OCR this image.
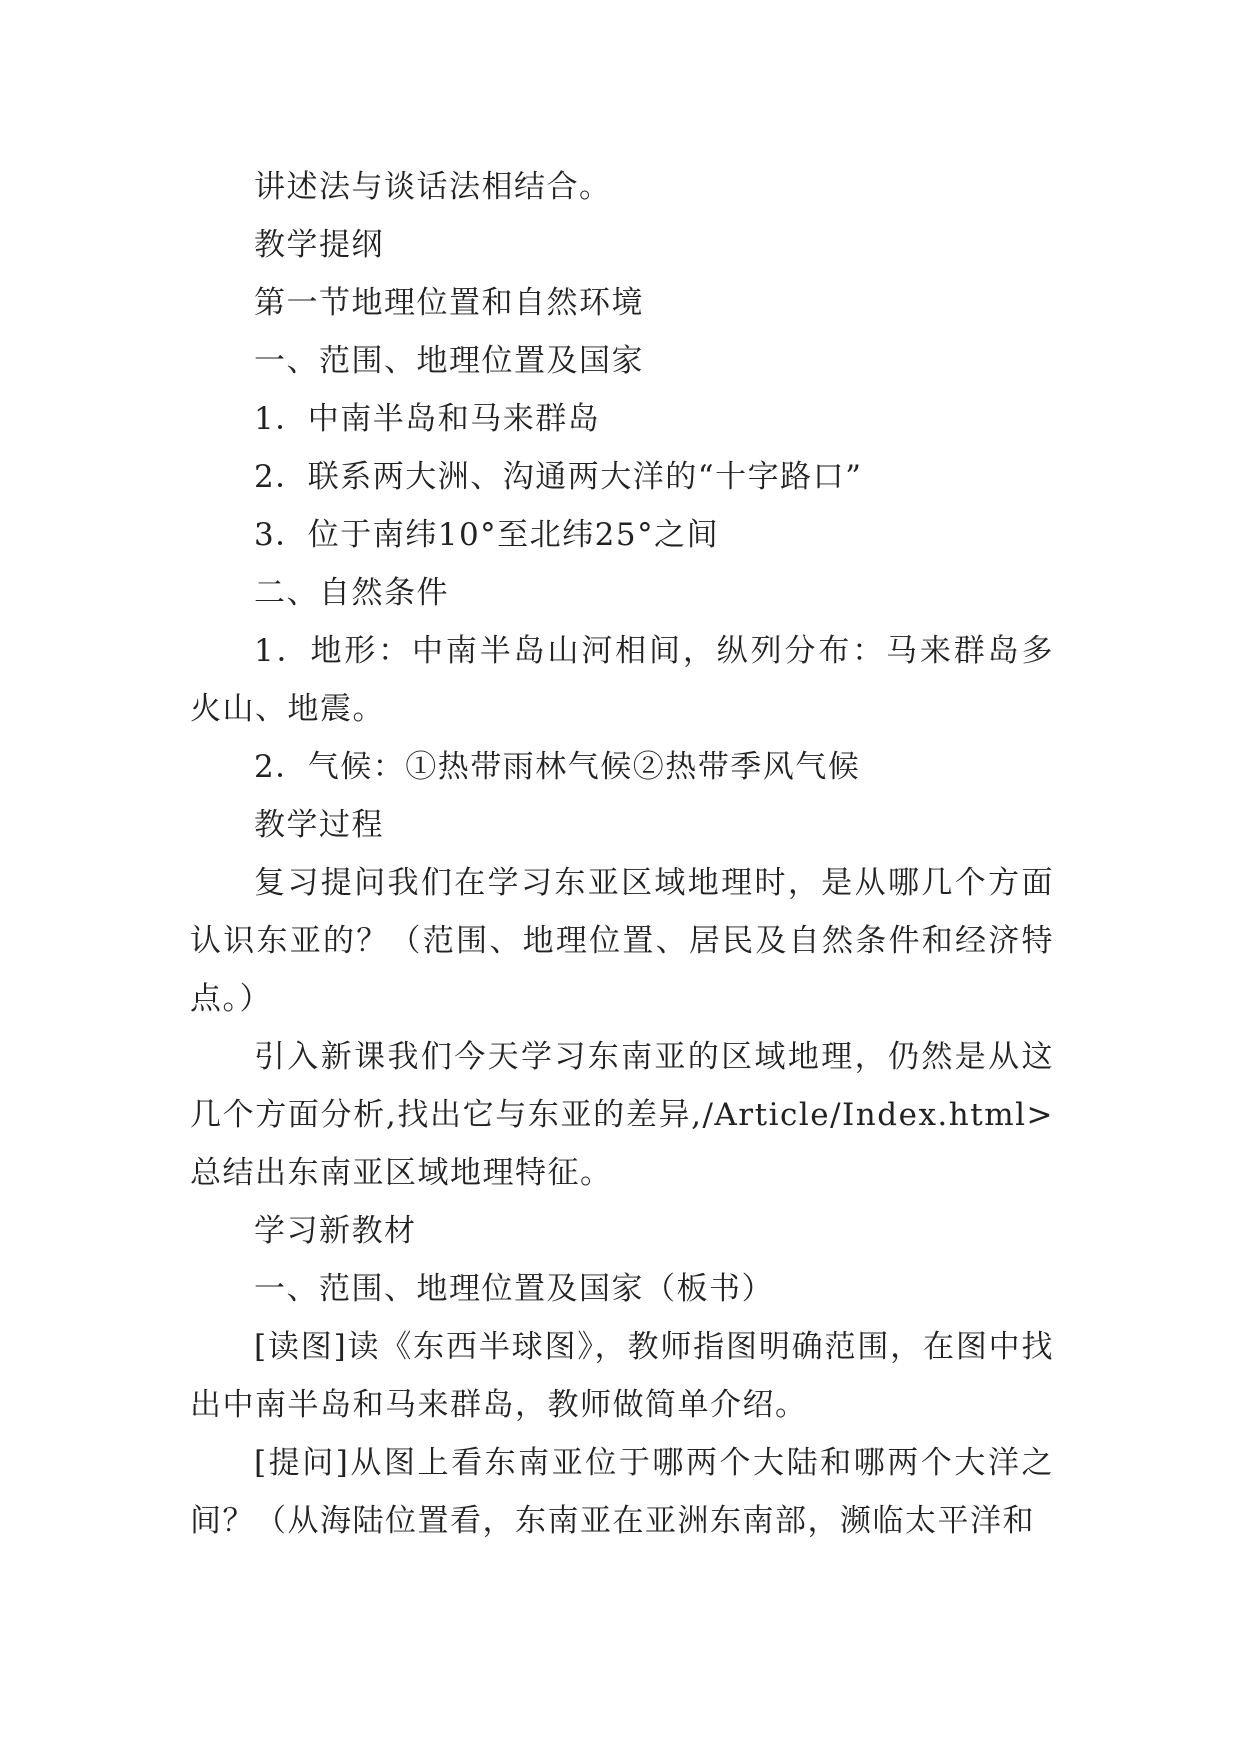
讲述法与谈话法相结合。

教学提纲

第一节地理位置和自然环境

一、范围、地理位置及国家

1．中南半岛和马来群岛

2．联系两大洲、沟通两大洋的“十字路口”

3．位于南纬10°至北纬25°之间

二、自然条件

1．地形：中南半岛山河相间，纵列分布：马来群岛多火山、地震。

2．气候：①热带雨林气候②热带季风气候

教学过程

复习提问我们在学习东亚区域地理时，是从哪几个方面认识东亚的？（范围、地理位置、居民及自然条件和经济特点。）

引入新课我们今天学习东南亚的区域地理，仍然是从这几个方面分析,找出它与东亚的差异,/Article/Index.html>总结出东南亚区域地理特征。

学习新教材

一、范围、地理位置及国家（板书）

[读图]读《东西半球图》，教师指图明确范围，在图中找出中南半岛和马来群岛，教师做简单介绍。

[提问]从图上看东南亚位于哪两个大陆和哪两个大洋之间？（从海陆位置看，东南亚在亚洲东南部，濒临太平洋和
